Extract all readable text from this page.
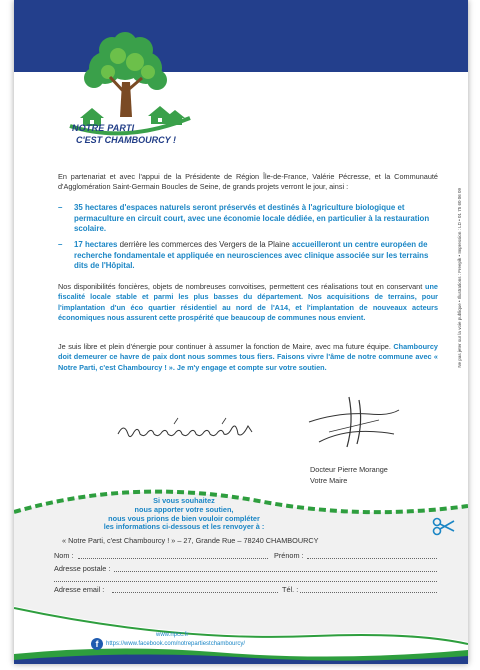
NOTRE PARTI
C'EST CHAMBOURCY !
Ne pas jeter sur la voie publique • Illustrations : Freepik • Impression : LD • 01 75 60 06 09
En partenariat et avec l'appui de la Présidente de Région Île-de-France, Valérie Pécresse, et la Communauté d'Agglomération Saint-Germain Boucles de Seine, de grands projets verront le jour, ainsi :
– 35 hectares d'espaces naturels seront préservés et destinés à l'agriculture biologique et permaculture en circuit court, avec une économie locale dédiée, en particulier à la restauration scolaire.
– 17 hectares derrière les commerces des Vergers de la Plaine accueilleront un centre européen de recherche fondamentale et appliquée en neurosciences avec clinique associée sur les terrains dits de l'Hôpital.
Nos disponibilités foncières, objets de nombreuses convoitises, permettent ces réalisations tout en conservant une fiscalité locale stable et parmi les plus basses du département. Nos acquisitions de terrains, pour l'implantation d'un éco quartier résidentiel au nord de l'A14, et l'implantation de nouveaux acteurs économiques nous assurent cette prospérité que beaucoup de communes nous envient.
Je suis libre et plein d'énergie pour continuer à assumer la fonction de Maire, avec ma future équipe. Chambourcy doit demeurer ce havre de paix dont nous sommes tous fiers. Faisons vivre l'âme de notre commune avec « Notre Parti, c'est Chambourcy ! ». Je m'y engage et compte sur votre soutien.
Docteur Pierre Morange
Votre Maire
Si vous souhaitez
nous apporter votre soutien,
nous vous prions de bien vouloir compléter
les informations ci-dessous et les renvoyer à :
« Notre Parti, c'est Chambourcy ! » – 27, Grande Rue – 78240 CHAMBOURCY
Nom :	Prénom :
Adresse postale :
Adresse email :	Tél. :
www.npcc.fr
f	https://www.facebook.com/notrepartiestchambourcy/
